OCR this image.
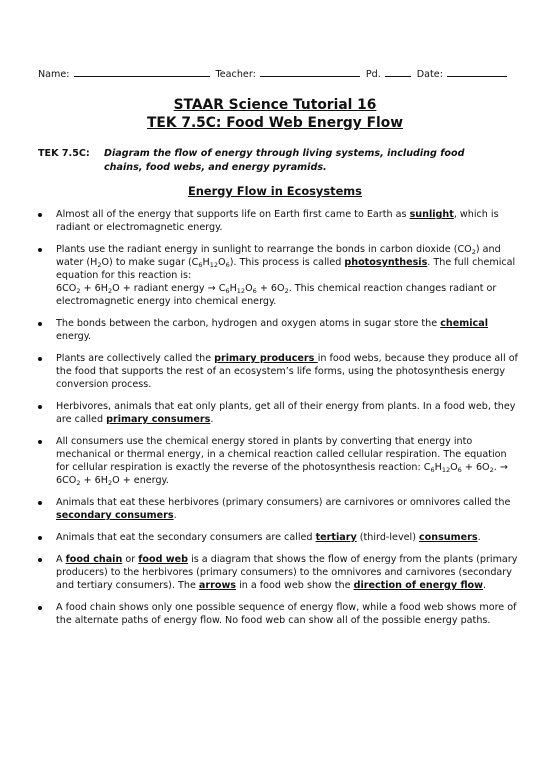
Name:	Teacher:	Pd.	Date:
STAAR Science Tutorial 16
TEK 7.5C: Food Web Energy Flow
TEK 7.5C: Diagram the flow of energy through living systems, including food
chains, food webs, and energy pyramids.
Energy Flow in Ecosystems
Almost all of the energy that supports life on Earth first came to Earth as sunlight, which is radiant or electromagnetic energy.
Plants use the radiant energy in sunlight to rearrange the bonds in carbon dioxide $(CO_2)$ and water $(H_2O)$ to make sugar $(C_6H_{12}O_6)$. This process is called photosynthesis. The full chemical equation for this reaction is:
$6CO_2 + 6H_2O$ + radiant energy → $C_6H_{12}O_6 + 6O_2$. This chemical reaction changes radiant or electromagnetic energy into chemical energy.
The bonds between the carbon, hydrogen and oxygen atoms in sugar store the chemical energy.
Plants are collectively called the primary producers in food webs, because they produce all of the food that supports the rest of an ecosystem’s life forms, using the photosynthesis energy conversion process.
Herbivores, animals that eat only plants, get all of their energy from plants. In a food web, they are called primary consumers.
All consumers use the chemical energy stored in plants by converting that energy into mechanical or thermal energy, in a chemical reaction called cellular respiration. The equation for cellular respiration is exactly the reverse of the photosynthesis reaction: $C_6H_{12}O_6 + 6O_2$. → $6CO_2 + 6H_2O$ + energy.
Animals that eat these herbivores (primary consumers) are carnivores or omnivores called the secondary consumers.
Animals that eat the secondary consumers are called tertiary (third-level) consumers.
A food chain or food web is a diagram that shows the flow of energy from the plants (primary producers) to the herbivores (primary consumers) to the omnivores and carnivores (secondary and tertiary consumers). The arrows in a food web show the direction of energy flow.
A food chain shows only one possible sequence of energy flow, while a food web shows more of the alternate paths of energy flow. No food web can show all of the possible energy paths.
